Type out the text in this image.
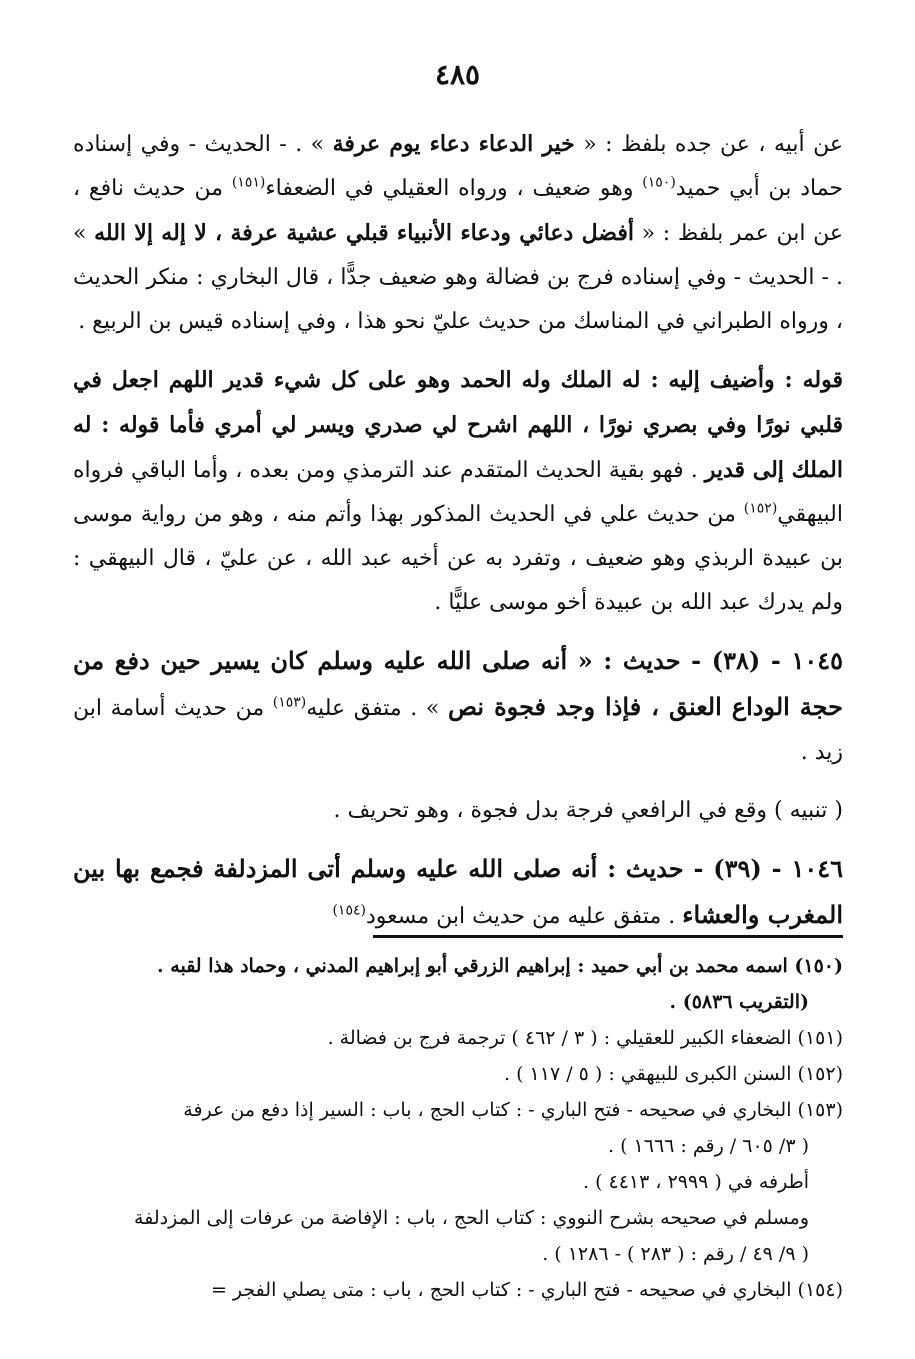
٤٨٥

عن أبيه ، عن جده بلفظ : « خير الدعاء دعاء يوم عرفة » . - الحديث - وفي إسناده حماد بن أبي حميد$^{(١٥٠)}$ وهو ضعيف ، ورواه العقيلي في الضعفاء$^{(١٥١)}$ من حديث نافع ، عن ابن عمر بلفظ : « أفضل دعائي ودعاء الأنبياء قبلي عشية عرفة ، لا إله إلا الله » . - الحديث - وفي إسناده فرج بن فضالة وهو ضعيف جدًّا ، قال البخاري : منكر الحديث ، ورواه الطبراني في المناسك من حديث عليّ نحو هذا ، وفي إسناده قيس بن الربيع .

قوله : وأضيف إليه : له الملك وله الحمد وهو على كل شيء قدير اللهم اجعل في قلبي نورًا وفي بصري نورًا ، اللهم اشرح لي صدري ويسر لي أمري فأما قوله : له الملك إلى قدير . فهو بقية الحديث المتقدم عند الترمذي ومن بعده ، وأما الباقي فرواه البيهقي$^{(١٥٢)}$ من حديث علي في الحديث المذكور بهذا وأتم منه ، وهو من رواية موسى بن عبيدة الربذي وهو ضعيف ، وتفرد به عن أخيه عبد الله ، عن عليّ ، قال البيهقي : ولم يدرك عبد الله بن عبيدة أخو موسى عليًّا .

١٠٤٥ - (٣٨) - حديث : « أنه صلى الله عليه وسلم كان يسير حين دفع من حجة الوداع العنق ، فإذا وجد فجوة نص » . متفق عليه$^{(١٥٣)}$ من حديث أسامة ابن زيد .

( تنبيه ) وقع في الرافعي فرجة بدل فجوة ، وهو تحريف .

١٠٤٦ - (٣٩) - حديث : أنه صلى الله عليه وسلم أتى المزدلفة فجمع بها بين المغرب والعشاء . متفق عليه من حديث ابن مسعود$^{(١٥٤)}$

(١٥٠) اسمه محمد بن أبي حميد : إبراهيم الزرقي أبو إبراهيم المدني ، وحماد هذا لقبه .

(التقريب ٥٨٣٦) .

(١٥١) الضعفاء الكبير للعقيلي : ( ٣ / ٤٦٢ ) ترجمة فرج بن فضالة .

(١٥٢) السنن الكبرى للبيهقي : ( ٥ / ١١٧ ) .

(١٥٣) البخاري في صحيحه - فتح الباري - : كتاب الحج ، باب : السير إذا دفع من عرفة

( ٣/ ٦٠٥ / رقم : ١٦٦٦ ) .

أطرفه في ( ٢٩٩٩ ، ٤٤١٣ ) .

ومسلم في صحيحه بشرح النووي : كتاب الحج ، باب : الإفاضة من عرفات إلى المزدلفة

( ٩/ ٤٩ / رقم : ( ٢٨٣ ) - ١٢٨٦ ) .

(١٥٤) البخاري في صحيحه - فتح الباري - : كتاب الحج ، باب : متى يصلي الفجر =
